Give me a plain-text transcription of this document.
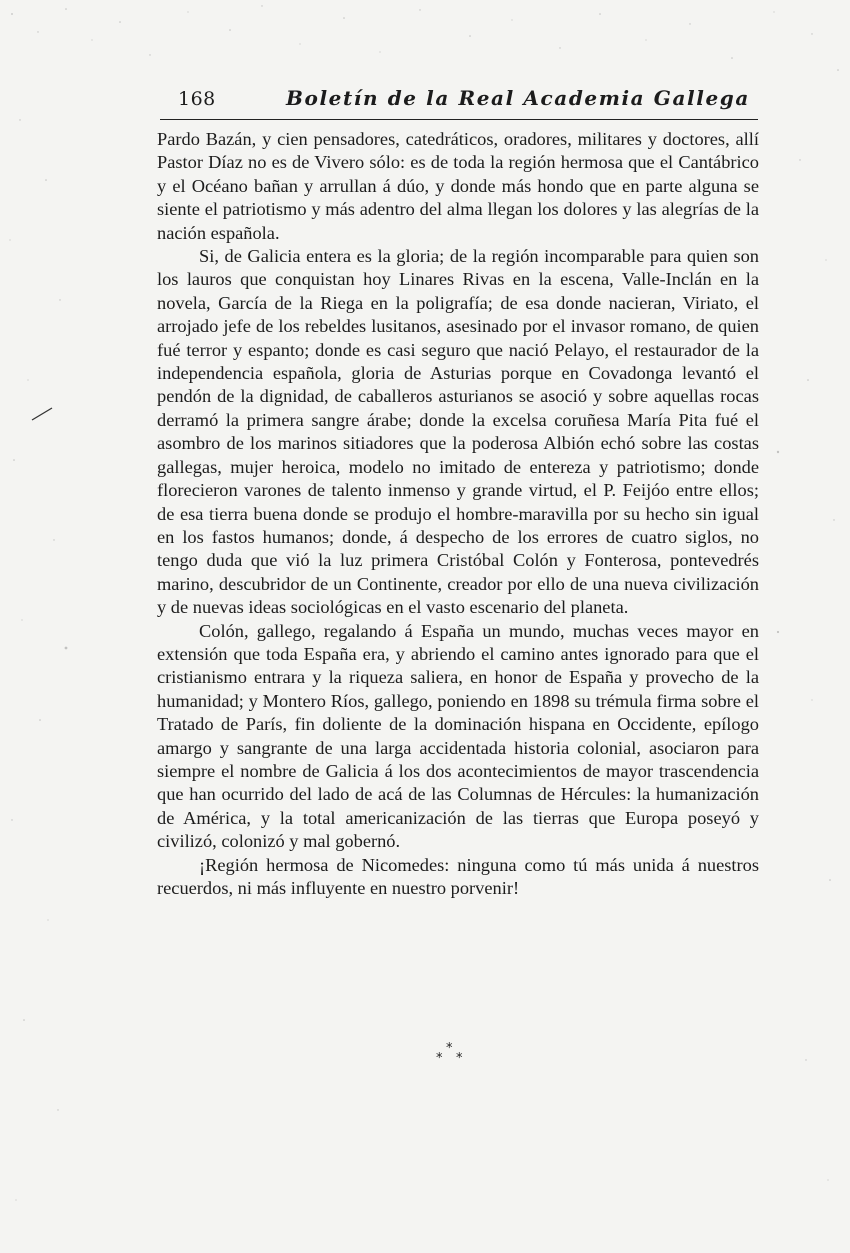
168	Boletín de la Real Academia Gallega

Pardo Bazán, y cien pensadores, catedráticos, oradores, militares y doctores, allí Pastor Díaz no es de Vivero sólo: es de toda la región hermosa que el Cantábrico y el Océano bañan y arrullan á dúo, y donde más hondo que en parte alguna se siente el patriotismo y más adentro del alma llegan los dolores y las alegrías de la nación española.

Si, de Galicia entera es la gloria; de la región incomparable para quien son los lauros que conquistan hoy Linares Rivas en la escena, Valle-Inclán en la novela, García de la Riega en la poligrafía; de esa donde nacieran, Viriato, el arrojado jefe de los rebeldes lusitanos, asesinado por el invasor romano, de quien fué terror y espanto; donde es casi seguro que nació Pelayo, el restaurador de la independencia española, gloria de Asturias porque en Covadonga levantó el pendón de la dignidad, de caballeros asturianos se asoció y sobre aquellas rocas derramó la primera sangre árabe; donde la excelsa coruñesa María Pita fué el asombro de los marinos sitiadores que la poderosa Albión echó sobre las costas gallegas, mujer heroica, modelo no imitado de entereza y patriotismo; donde florecieron varones de talento inmenso y grande virtud, el P. Feijóo entre ellos; de esa tierra buena donde se produjo el hombre-maravilla por su hecho sin igual en los fastos humanos; donde, á despecho de los errores de cuatro siglos, no tengo duda que vió la luz primera Cristóbal Colón y Fonterosa, pontevedrés marino, descubridor de un Continente, creador por ello de una nueva civilización y de nuevas ideas sociológicas en el vasto escenario del planeta.

Colón, gallego, regalando á España un mundo, muchas veces mayor en extensión que toda España era, y abriendo el camino antes ignorado para que el cristianismo entrara y la riqueza saliera, en honor de España y provecho de la humanidad; y Montero Ríos, gallego, poniendo en 1898 su trémula firma sobre el Tratado de París, fin doliente de la dominación hispana en Occidente, epílogo amargo y sangrante de una larga accidentada historia colonial, asociaron para siempre el nombre de Galicia á los dos acontecimientos de mayor trascendencia que han ocurrido del lado de acá de las Columnas de Hércules: la humanización de América, y la total americanización de las tierras que Europa poseyó y civilizó, colonizó y mal gobernó.

¡Región hermosa de Nicomedes: ninguna como tú más unida á nuestros recuerdos, ni más influyente en nuestro porvenir!

*
* *
